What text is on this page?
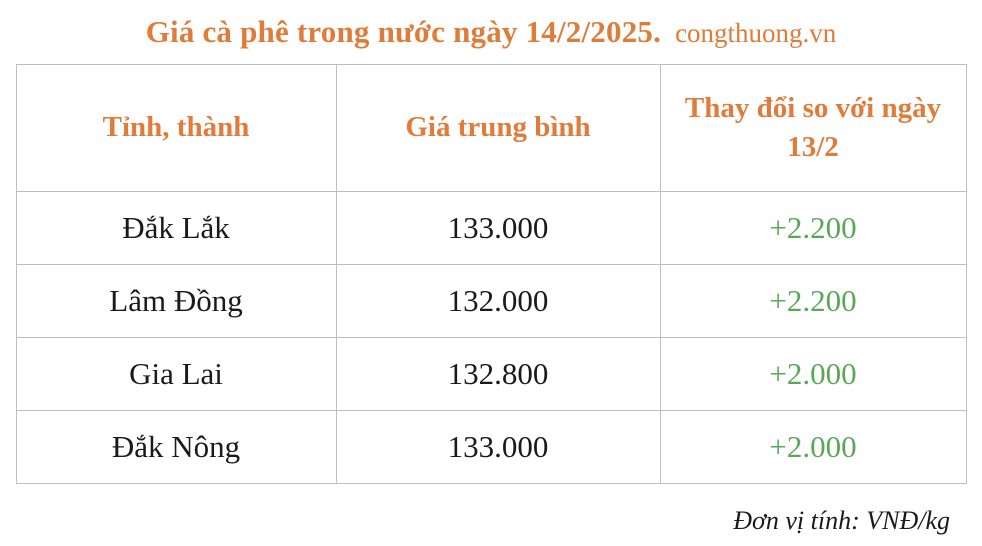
Giá cà phê trong nước ngày 14/2/2025. congthuong.vn
Tỉnh, thành	Giá trung bình	Thay đổi so với ngày 13/2
Đắk Lắk	133.000	+2.200
Lâm Đồng	132.000	+2.200
Gia Lai	132.800	+2.000
Đắk Nông	133.000	+2.000
Đơn vị tính: VNĐ/kg
